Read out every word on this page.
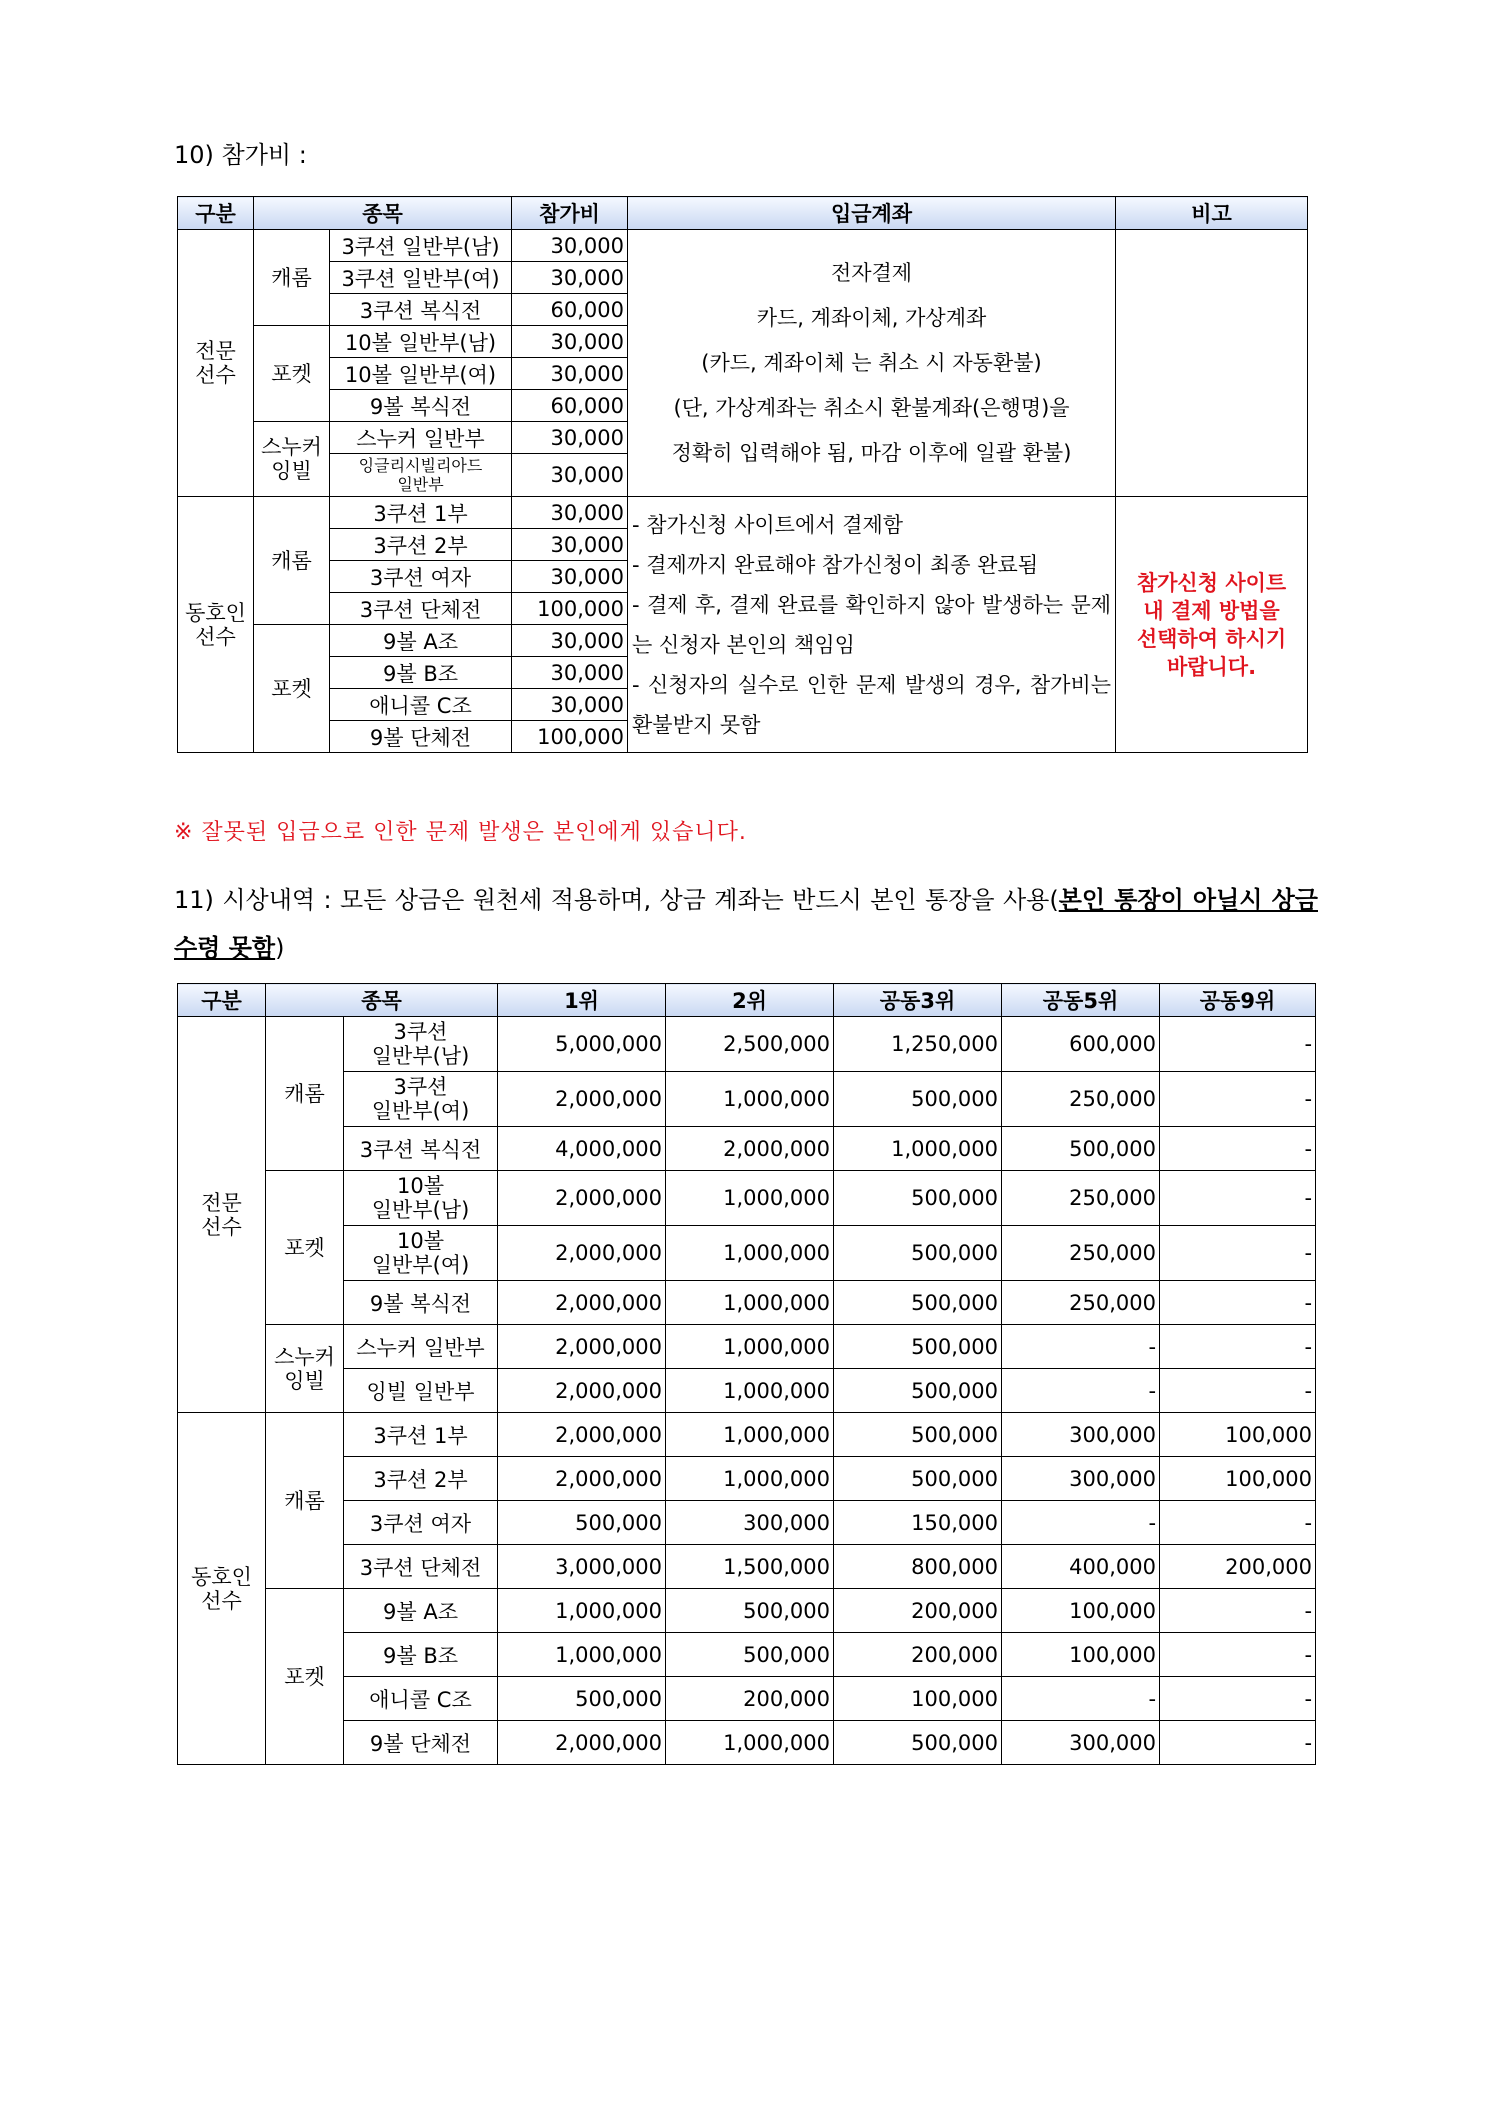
10) 참가비 :
구분	종목		참가비	입금계좌	비고
전문
선수	캐롬	3쿠션 일반부(남)	30,000	전자결제
카드, 계좌이체, 가상계좌
(카드, 계좌이체 는 취소 시 자동환불)
(단, 가상계좌는 취소시 환불계좌(은행명)을
정확히 입력해야 됨, 마감 이후에 일괄 환불)	
		3쿠션 일반부(여)	30,000		
		3쿠션 복식전	60,000		
	포켓	10볼 일반부(남)	30,000		
		10볼 일반부(여)	30,000		
		9볼 복식전	60,000		
	스누커
잉빌	스누커 일반부	30,000		
		잉글리시빌리아드
일반부	30,000		
동호인
선수	캐롬	3쿠션 1부	30,000	- 참가신청 사이트에서 결제함
- 결제까지 완료해야 참가신청이 최종 완료됨
- 결제 후, 결제 완료를 확인하지 않아 발생하는 문제는 신청자 본인의 책임임
- 신청자의 실수로 인한 문제 발생의 경우, 참가비는 환불받지 못함	참가신청 사이트
내 결제 방법을
선택하여 하시기
바랍니다.
		3쿠션 2부	30,000		
		3쿠션 여자	30,000		
		3쿠션 단체전	100,000		
	포켓	9볼 A조	30,000		
		9볼 B조	30,000		
		애니콜 C조	30,000		
		9볼 단체전	100,000		
※ 잘못된 입금으로 인한 문제 발생은 본인에게 있습니다.
11) 시상내역 : 모든 상금은 원천세 적용하며, 상금 계좌는 반드시 본인 통장을 사용(본인 통장이 아닐시 상금수령 못함)
구분	종목		1위	2위	공동3위	공동5위	공동9위
전문
선수	캐롬	3쿠션
일반부(남)	5,000,000	2,500,000	1,250,000	600,000	-
		3쿠션
일반부(여)	2,000,000	1,000,000	500,000	250,000	-
		3쿠션 복식전	4,000,000	2,000,000	1,000,000	500,000	-
	포켓	10볼
일반부(남)	2,000,000	1,000,000	500,000	250,000	-
		10볼
일반부(여)	2,000,000	1,000,000	500,000	250,000	-
		9볼 복식전	2,000,000	1,000,000	500,000	250,000	-
	스누커
잉빌	스누커 일반부	2,000,000	1,000,000	500,000	-	-
		잉빌 일반부	2,000,000	1,000,000	500,000	-	-
동호인
선수	캐롬	3쿠션 1부	2,000,000	1,000,000	500,000	300,000	100,000
		3쿠션 2부	2,000,000	1,000,000	500,000	300,000	100,000
		3쿠션 여자	500,000	300,000	150,000	-	-
		3쿠션 단체전	3,000,000	1,500,000	800,000	400,000	200,000
	포켓	9볼 A조	1,000,000	500,000	200,000	100,000	-
		9볼 B조	1,000,000	500,000	200,000	100,000	-
		애니콜 C조	500,000	200,000	100,000	-	-
		9볼 단체전	2,000,000	1,000,000	500,000	300,000	-
